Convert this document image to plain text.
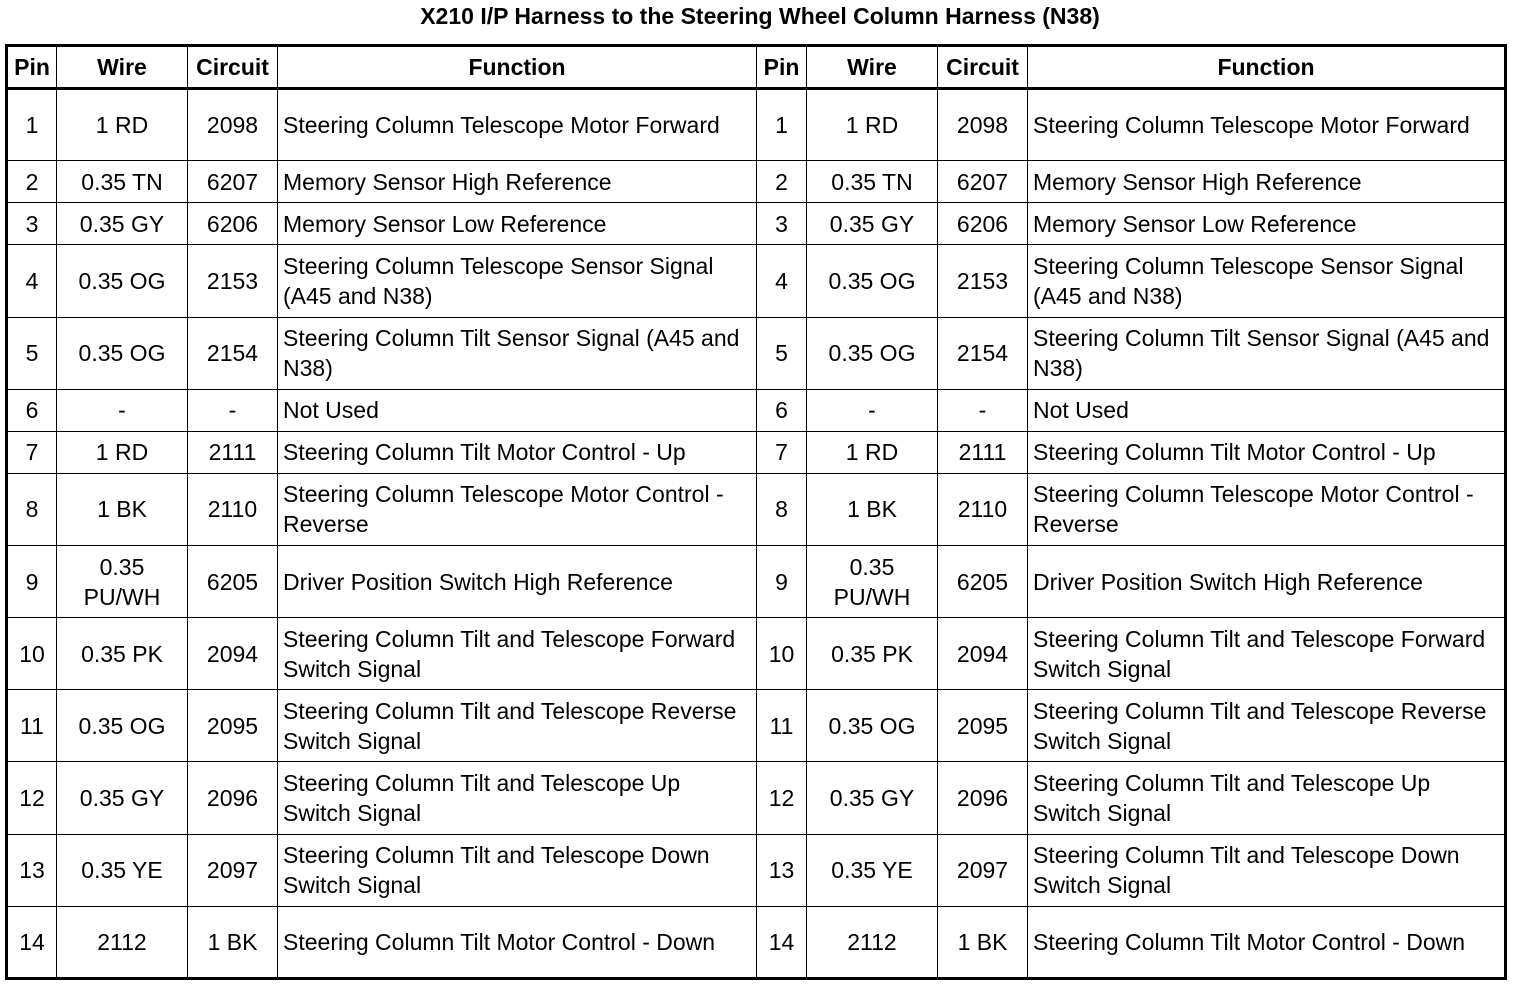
X210 I/P Harness to the Steering Wheel Column Harness (N38)
Pin	Wire	Circuit	Function	Pin	Wire	Circuit	Function
1	1 RD	2098	Steering Column Telescope Motor Forward	1	1 RD	2098	Steering Column Telescope Motor Forward
2	0.35 TN	6207	Memory Sensor High Reference	2	0.35 TN	6207	Memory Sensor High Reference
3	0.35 GY	6206	Memory Sensor Low Reference	3	0.35 GY	6206	Memory Sensor Low Reference
4	0.35 OG	2153	Steering Column Telescope Sensor Signal (A45 and N38)	4	0.35 OG	2153	Steering Column Telescope Sensor Signal (A45 and N38)
5	0.35 OG	2154	Steering Column Tilt Sensor Signal (A45 and N38)	5	0.35 OG	2154	Steering Column Tilt Sensor Signal (A45 and N38)
6	-	-	Not Used	6	-	-	Not Used
7	1 RD	2111	Steering Column Tilt Motor Control - Up	7	1 RD	2111	Steering Column Tilt Motor Control - Up
8	1 BK	2110	Steering Column Telescope Motor Control - Reverse	8	1 BK	2110	Steering Column Telescope Motor Control - Reverse
9	0.35 PU/WH	6205	Driver Position Switch High Reference	9	0.35 PU/WH	6205	Driver Position Switch High Reference
10	0.35 PK	2094	Steering Column Tilt and Telescope Forward Switch Signal	10	0.35 PK	2094	Steering Column Tilt and Telescope Forward Switch Signal
11	0.35 OG	2095	Steering Column Tilt and Telescope Reverse Switch Signal	11	0.35 OG	2095	Steering Column Tilt and Telescope Reverse Switch Signal
12	0.35 GY	2096	Steering Column Tilt and Telescope Up Switch Signal	12	0.35 GY	2096	Steering Column Tilt and Telescope Up Switch Signal
13	0.35 YE	2097	Steering Column Tilt and Telescope Down Switch Signal	13	0.35 YE	2097	Steering Column Tilt and Telescope Down Switch Signal
14	2112	1 BK	Steering Column Tilt Motor Control - Down	14	2112	1 BK	Steering Column Tilt Motor Control - Down
